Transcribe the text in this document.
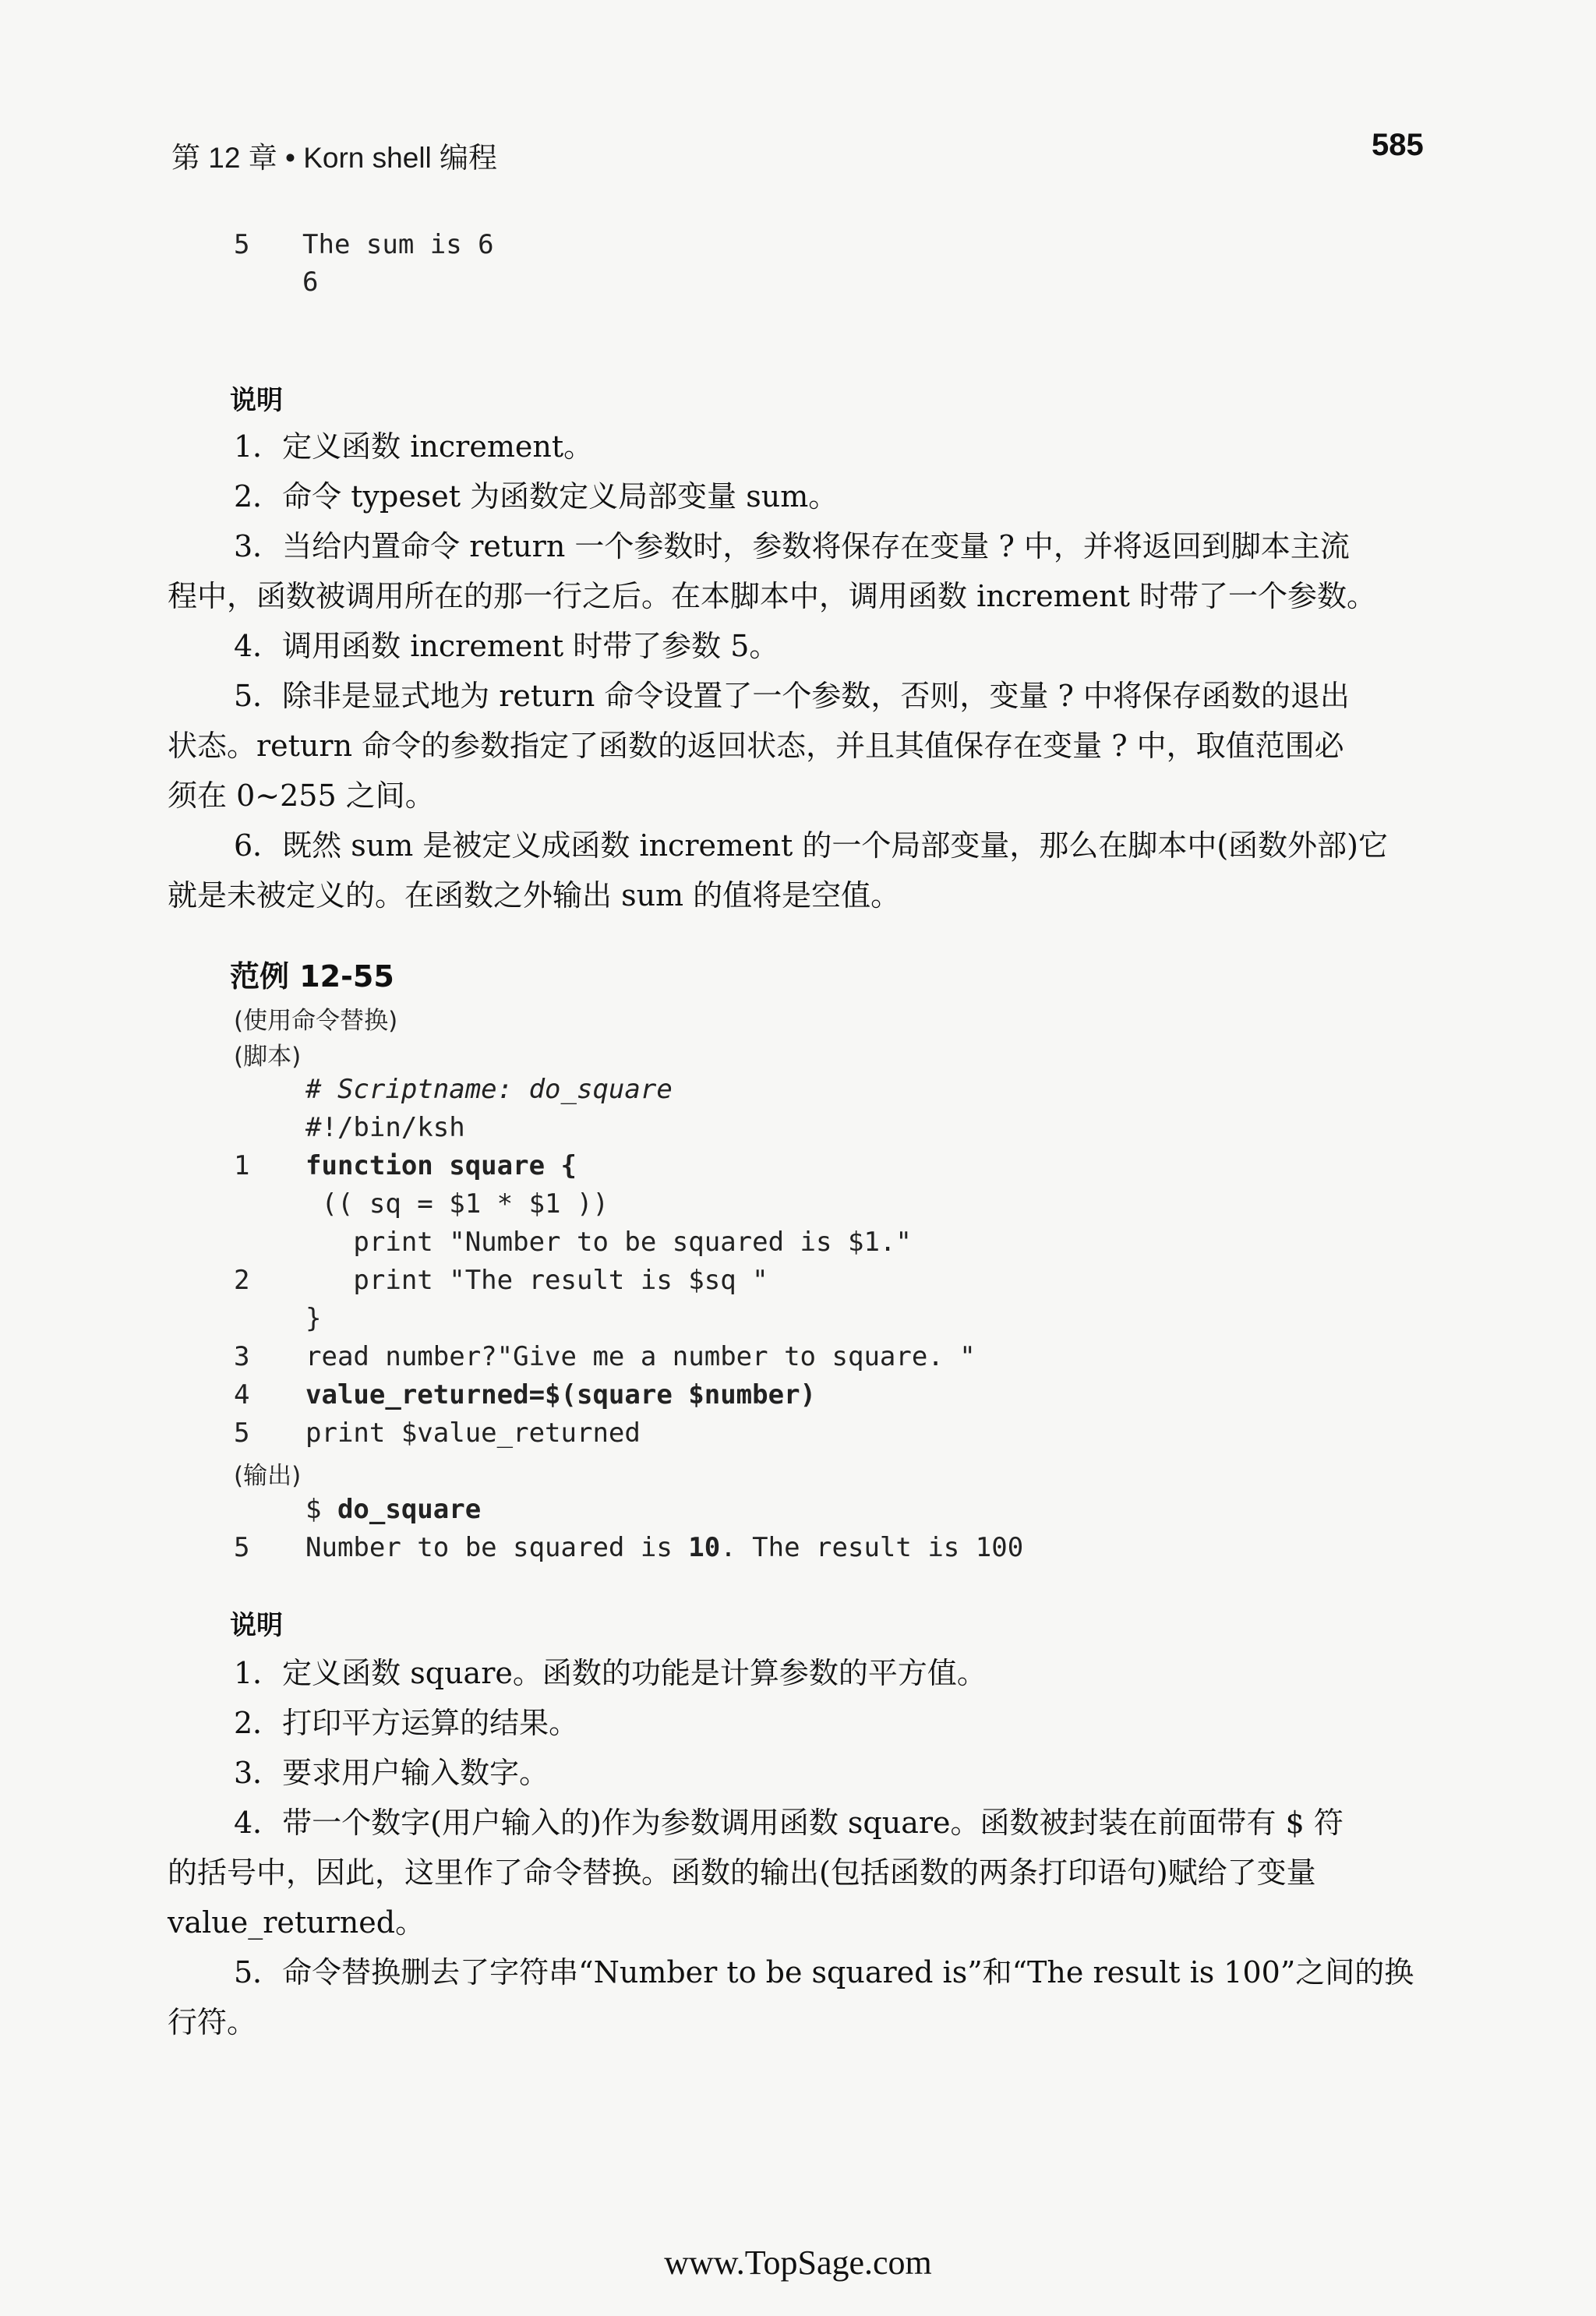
第 12 章 • Korn shell 编程	585
5 The sum is 6
6
说明
1．定义函数 increment。
2．命令 typeset 为函数定义局部变量 sum。
3．当给内置命令 return 一个参数时，参数将保存在变量 ? 中，并将返回到脚本主流
程中，函数被调用所在的那一行之后。在本脚本中，调用函数 increment 时带了一个参数。
4．调用函数 increment 时带了参数 5。
5．除非是显式地为 return 命令设置了一个参数，否则，变量 ? 中将保存函数的退出
状态。return 命令的参数指定了函数的返回状态，并且其值保存在变量 ? 中，取值范围必
须在 0~255 之间。
6．既然 sum 是被定义成函数 increment 的一个局部变量，那么在脚本中(函数外部)它
就是未被定义的。在函数之外输出 sum 的值将是空值。
范例 12-55
(使用命令替换)
(脚本)
# Scriptname: do_square
#!/bin/ksh
1 function square {
(( sq = $1 * $1 ))
print "Number to be squared is $1."
2 print "The result is $sq "
}
3 read number?"Give me a number to square. "
4 value_returned=$(square $number)
5 print $value_returned
(输出)
$ do_square
5 Number to be squared is 10. The result is 100
说明
1．定义函数 square。函数的功能是计算参数的平方值。
2．打印平方运算的结果。
3．要求用户输入数字。
4．带一个数字(用户输入的)作为参数调用函数 square。函数被封装在前面带有 $ 符
的括号中，因此，这里作了命令替换。函数的输出(包括函数的两条打印语句)赋给了变量
value_returned。
5．命令替换删去了字符串“Number to be squared is”和“The result is 100”之间的换
行符。
www.TopSage.com
